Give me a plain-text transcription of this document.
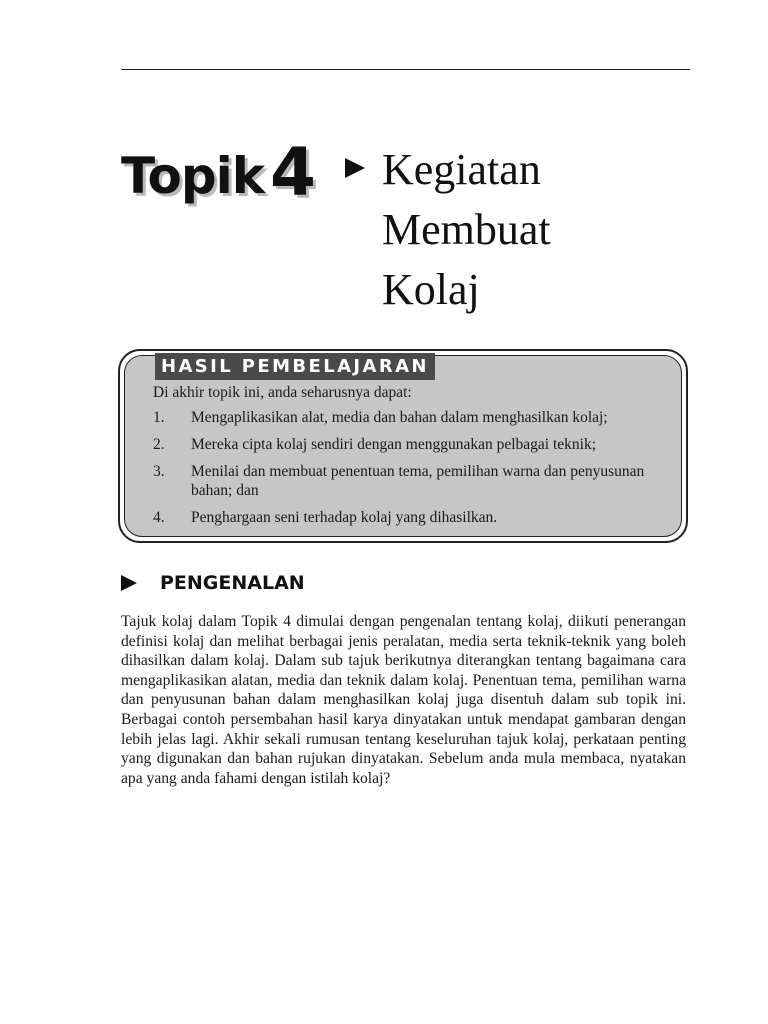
Topik4 Kegiatan
Membuat
Kolaj
HASIL PEMBELAJARAN
Di akhir topik ini, anda seharusnya dapat:
1.	Mengaplikasikan alat, media dan bahan dalam menghasilkan kolaj;
2.	Mereka cipta kolaj sendiri dengan menggunakan pelbagai teknik;
3.	Menilai dan membuat penentuan tema, pemilihan warna dan penyusunan bahan; dan
4.	Penghargaan seni terhadap kolaj yang dihasilkan.
PENGENALAN

Tajuk kolaj dalam Topik 4 dimulai dengan pengenalan tentang kolaj, diikuti penerangan definisi kolaj dan melihat berbagai jenis peralatan, media serta teknik-teknik yang boleh dihasilkan dalam kolaj. Dalam sub tajuk berikutnya diterangkan tentang bagaimana cara mengaplikasikan alatan, media dan teknik dalam kolaj. Penentuan tema, pemilihan warna dan penyusunan bahan dalam menghasilkan kolaj juga disentuh dalam sub topik ini. Berbagai contoh persembahan hasil karya dinyatakan untuk mendapat gambaran dengan lebih jelas lagi. Akhir sekali rumusan tentang keseluruhan tajuk kolaj, perkataan penting yang digunakan dan bahan rujukan dinyatakan. Sebelum anda mula membaca, nyatakan apa yang anda fahami dengan istilah kolaj?
